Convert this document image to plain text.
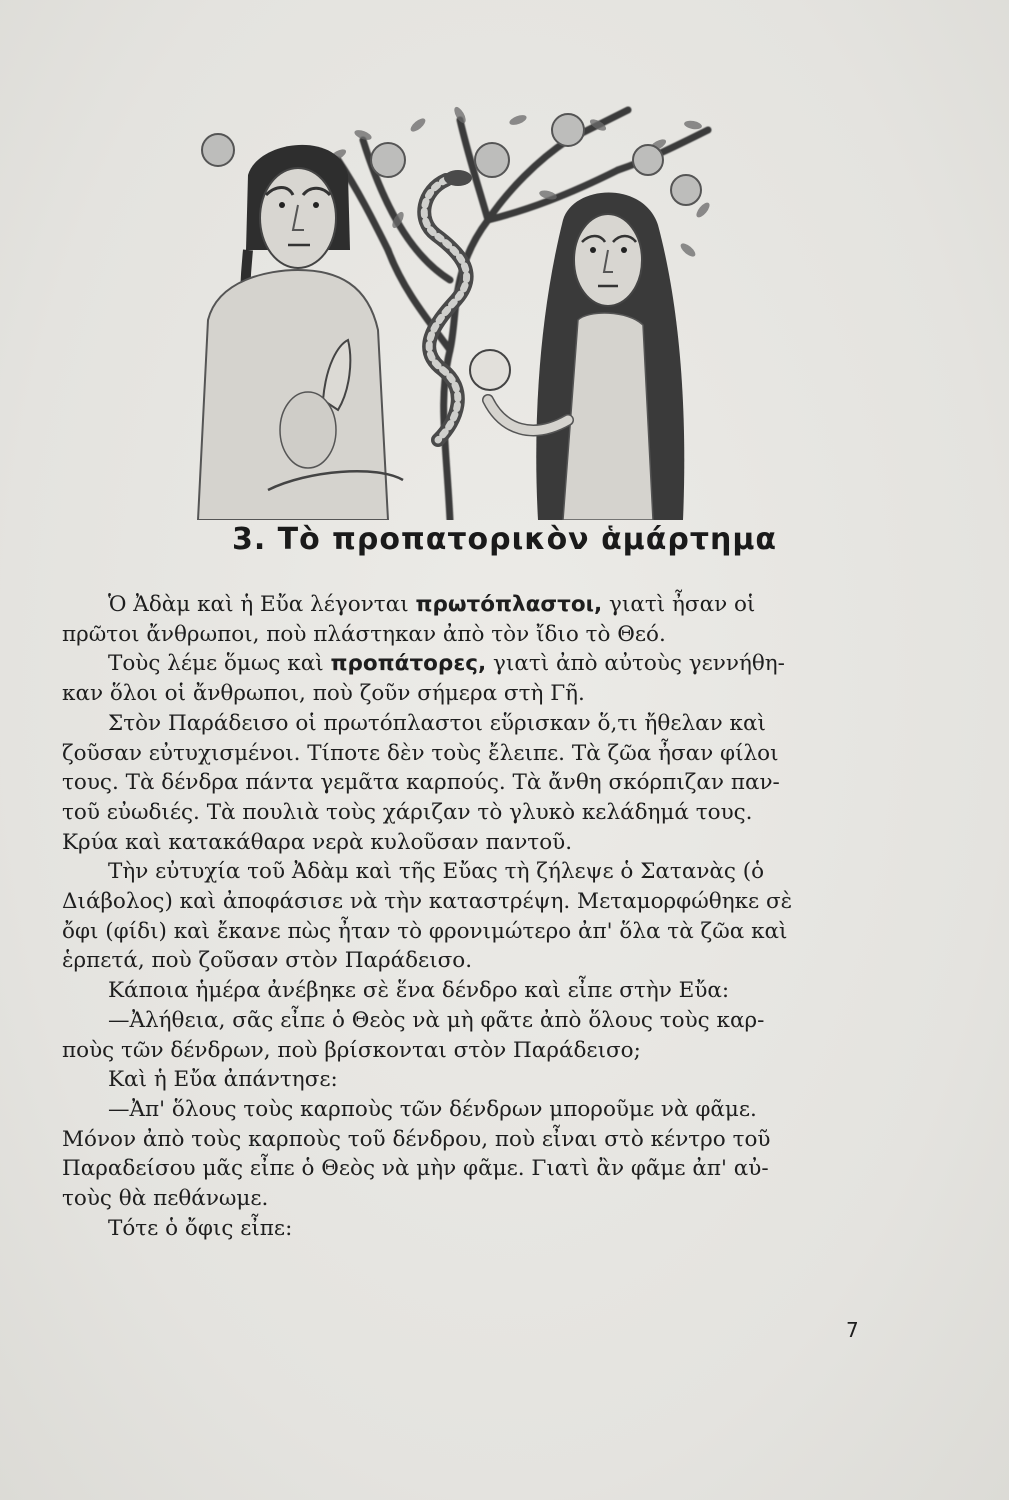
3. Τὸ προπατορικὸν ἁμάρτημα

Ὁ Ἀδὰμ καὶ ἡ Εὔα λέγονται πρωτόπλαστοι, γιατὶ ἦσαν οἱ
πρῶτοι ἄνθρωποι, ποὺ πλάστηκαν ἀπὸ τὸν ἴδιο τὸ Θεό.

Τοὺς λέμε ὅμως καὶ προπάτορες, γιατὶ ἀπὸ αὐτοὺς γεννήθη-
καν ὅλοι οἱ ἄνθρωποι, ποὺ ζοῦν σήμερα στὴ Γῆ.

Στὸν Παράδεισο οἱ πρωτόπλαστοι εὕρισκαν ὅ,τι ἤθελαν καὶ
ζοῦσαν εὐτυχισμένοι. Τίποτε δὲν τοὺς ἔλειπε. Τὰ ζῶα ἦσαν φίλοι
τους. Τὰ δένδρα πάντα γεμᾶτα καρπούς. Τὰ ἄνθη σκόρπιζαν παν-
τοῦ εὐωδιές. Τὰ πουλιὰ τοὺς χάριζαν τὸ γλυκὸ κελάδημά τους.
Κρύα καὶ κατακάθαρα νερὰ κυλοῦσαν παντοῦ.

Τὴν εὐτυχία τοῦ Ἀδὰμ καὶ τῆς Εὔας τὴ ζήλεψε ὁ Σατανὰς (ὁ
Διάβολος) καὶ ἀποφάσισε νὰ τὴν καταστρέψη. Μεταμορφώθηκε σὲ
ὄφι (φίδι) καὶ ἔκανε πὼς ἦταν τὸ φρονιμώτερο ἀπ' ὅλα τὰ ζῶα καὶ
ἑρπετά, ποὺ ζοῦσαν στὸν Παράδεισο.

Κάποια ἡμέρα ἀνέβηκε σὲ ἕνα δένδρο καὶ εἶπε στὴν Εὔα:

—Ἀλήθεια, σᾶς εἶπε ὁ Θεὸς νὰ μὴ φᾶτε ἀπὸ ὅλους τοὺς καρ-
ποὺς τῶν δένδρων, ποὺ βρίσκονται στὸν Παράδεισο;

Καὶ ἡ Εὔα ἀπάντησε:

—Ἀπ' ὅλους τοὺς καρποὺς τῶν δένδρων μποροῦμε νὰ φᾶμε.
Μόνον ἀπὸ τοὺς καρποὺς τοῦ δένδρου, ποὺ εἶναι στὸ κέντρο τοῦ
Παραδείσου μᾶς εἶπε ὁ Θεὸς νὰ μὴν φᾶμε. Γιατὶ ἂν φᾶμε ἀπ' αὐ-
τοὺς θὰ πεθάνωμε.

Τότε ὁ ὄφις εἶπε:

7
